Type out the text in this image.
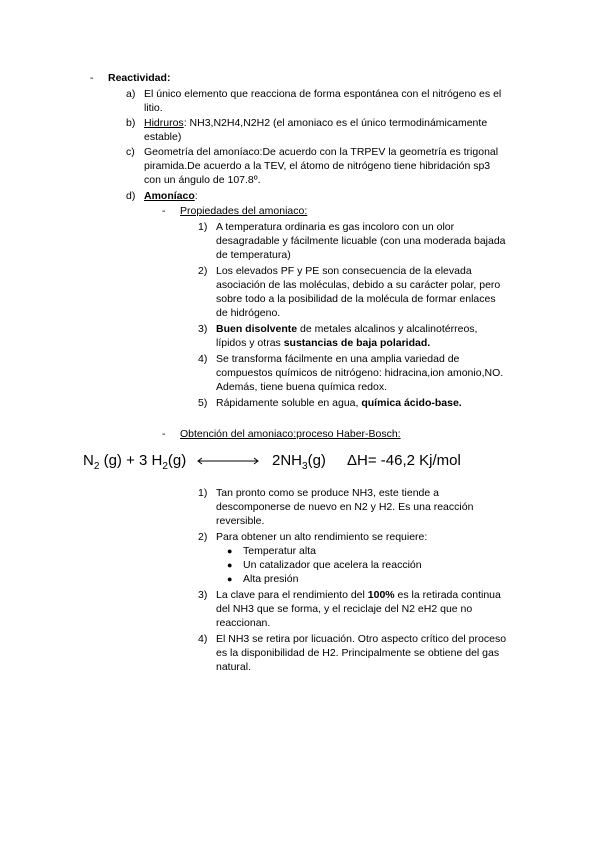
- Reactividad:
a) El único elemento que reacciona de forma espontánea con el nitrógeno es el
litio.
b) Hidruros: NH3,N2H4,N2H2 (el amoniaco es el único termodinámicamente
estable)
c) Geometría del amoníaco:De acuerdo con la TRPEV la geometría es trigonal
piramida.De acuerdo a la TEV, el átomo de nitrógeno tiene hibridación sp3
con un ángulo de 107.8º.
d) Amoníaco:
- Propiedades del amoniaco:
1) A temperatura ordinaria es gas incoloro con un olor
desagradable y fácilmente licuable (con una moderada bajada
de temperatura)
2) Los elevados PF y PE son consecuencia de la elevada
asociación de las moléculas, debido a su carácter polar, pero
sobre todo a la posibilidad de la molécula de formar enlaces
de hidrógeno.
3) Buen disolvente de metales alcalinos y alcalinotérreos,
lípidos y otras sustancias de baja polaridad.
4) Se transforma fácilmente en una amplia variedad de
compuestos químicos de nitrógeno: hidracina,ion amonio,NO.
Además, tiene buena química redox.
5) Rápidamente soluble en agua, química ácido-base.
- Obtención del amoniaco:proceso Haber-Bosch:
$N_2$ (g) + 3 $H_2(g)$	$2NH_3(g)$ ΔH= -46,2 Kj/mol
1) Tan pronto como se produce NH3, este tiende a
descomponerse de nuevo en N2 y H2. Es una reacción
reversible.
2) Para obtener un alto rendimiento se requiere:
● Temperatur alta
● Un catalizador que acelera la reacción
● Alta presión
3) La clave para el rendimiento del 100% es la retirada continua
del NH3 que se forma, y el reciclaje del N2 eH2 que no
reaccionan.
4) El NH3 se retira por licuación. Otro aspecto crítico del proceso
es la disponibilidad de H2. Principalmente se obtiene del gas
natural.
